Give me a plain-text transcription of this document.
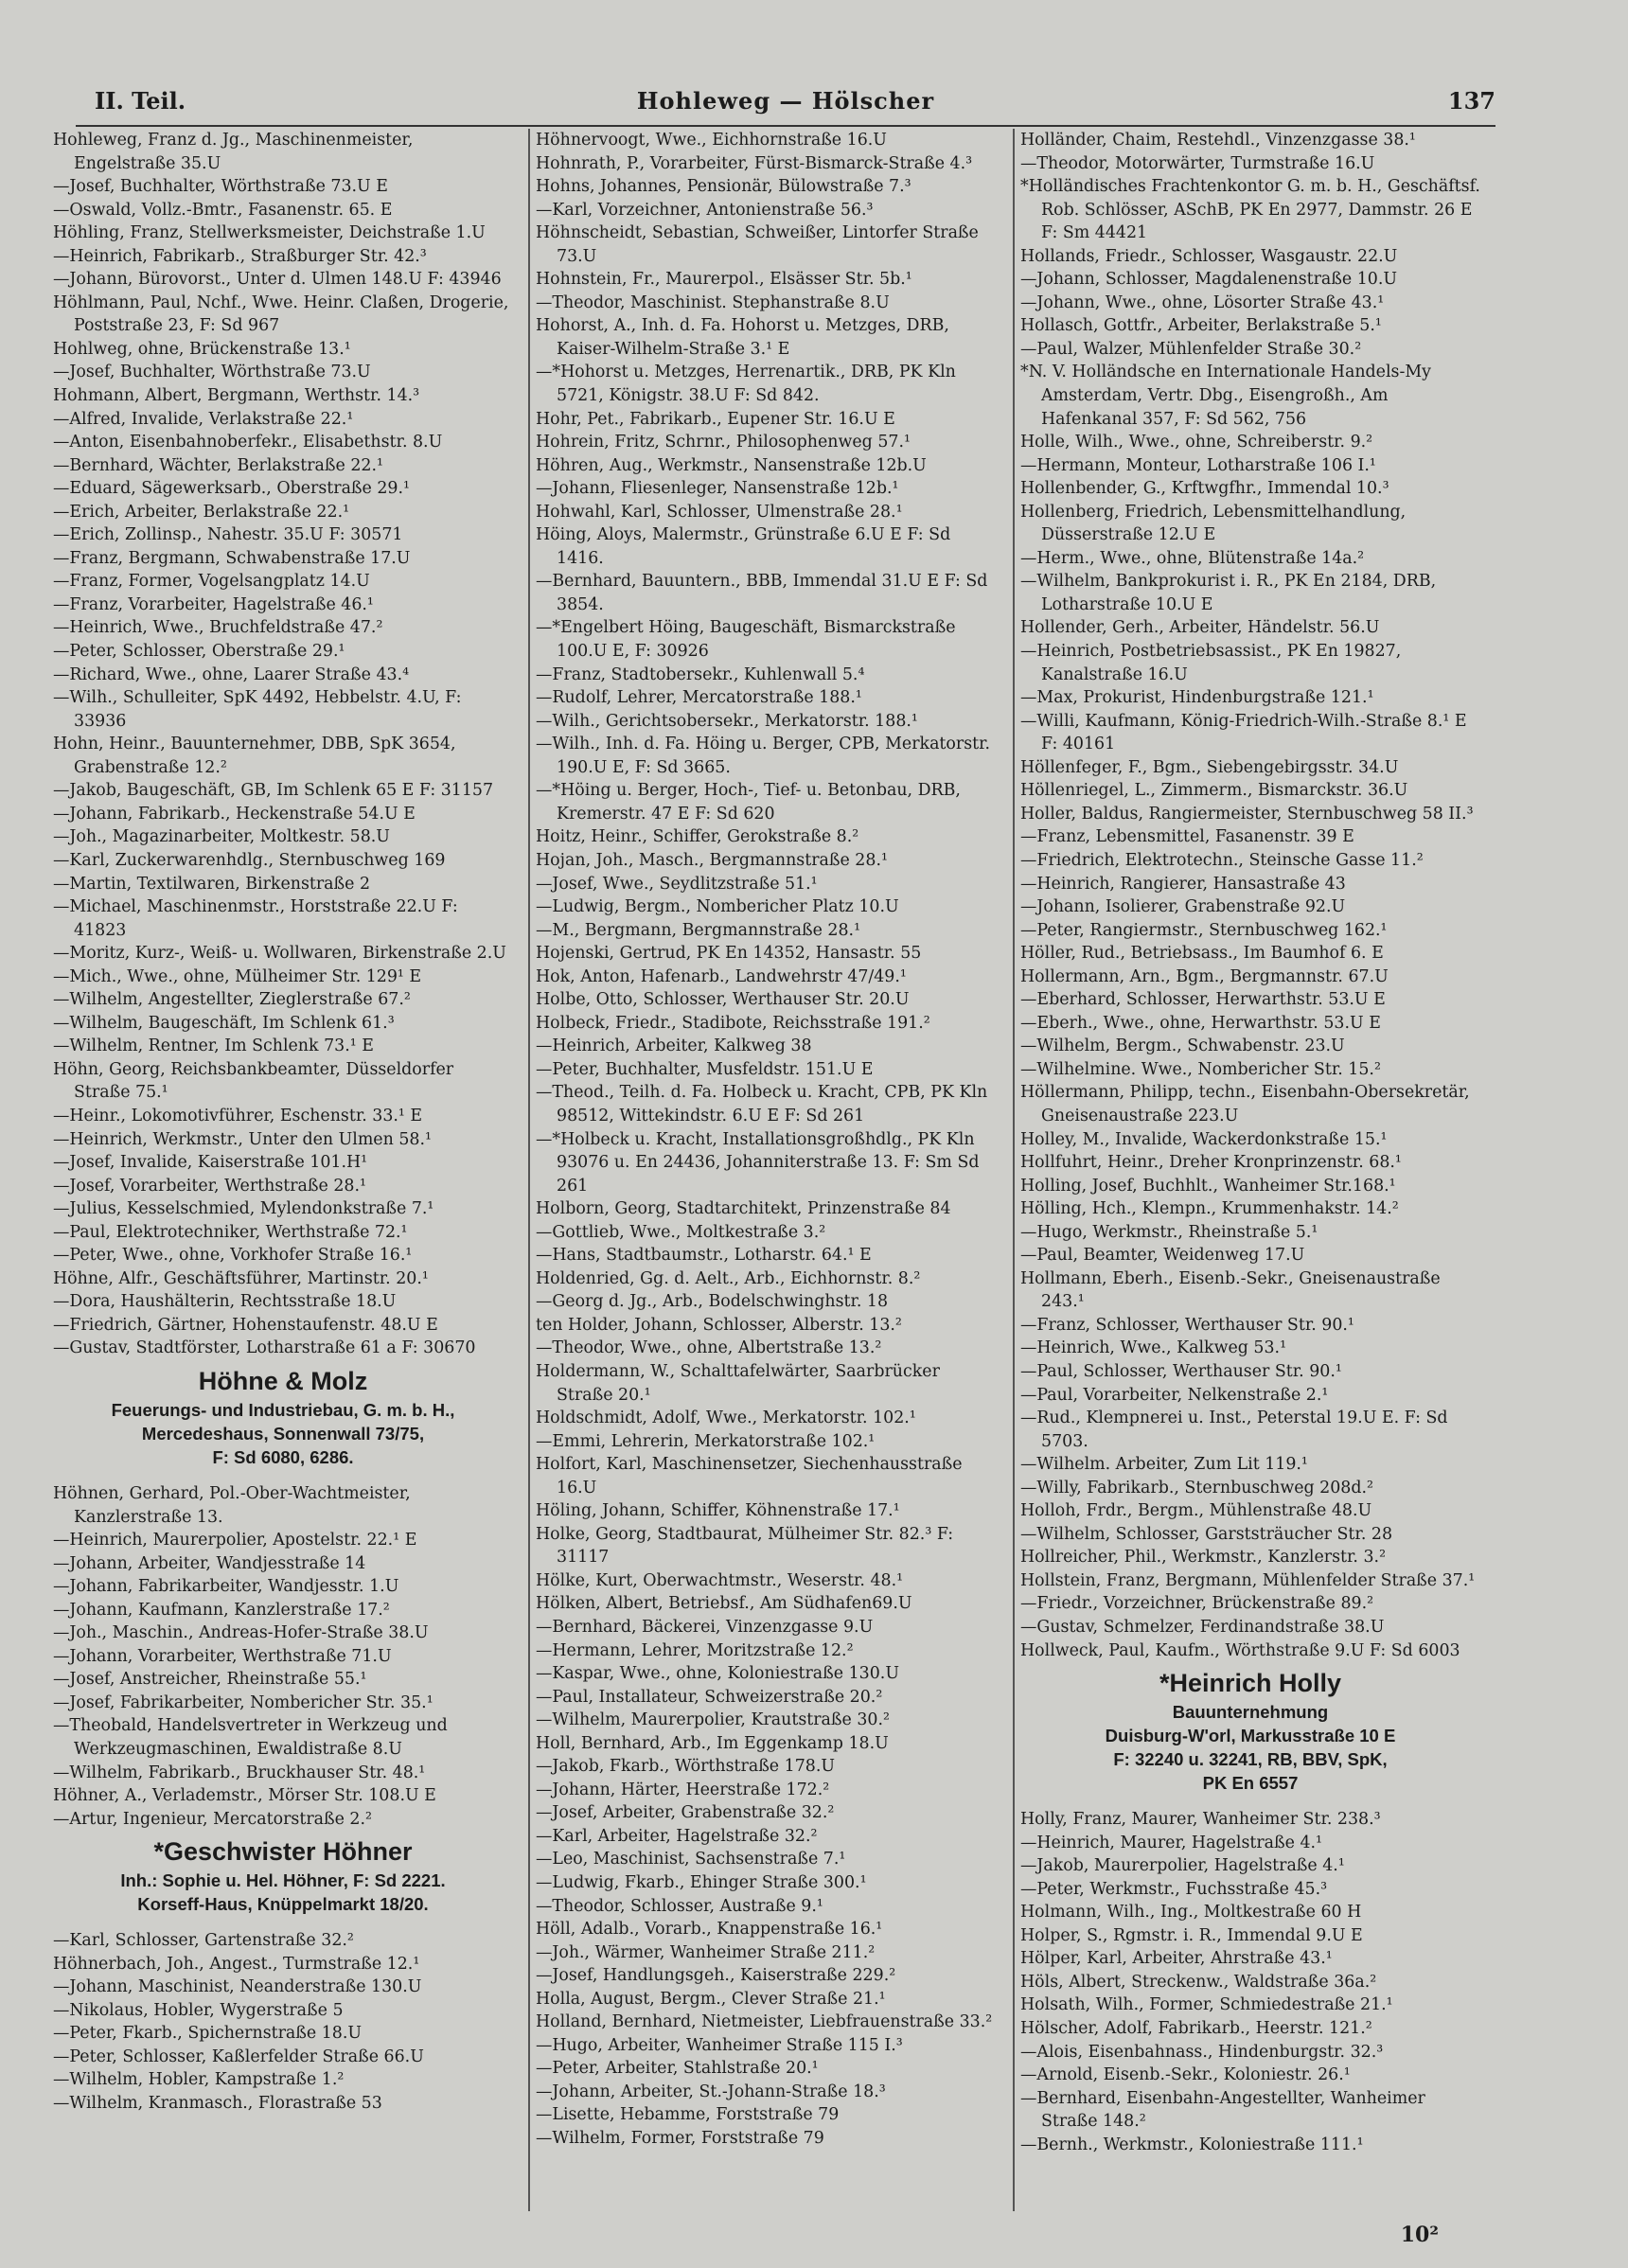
II. Teil.	Hohleweg — Hölscher	137
Hohleweg, Franz d. Jg., Maschinenmeister, Engelstraße 35.U
—Josef, Buchhalter, Wörthstraße 73.U E
—Oswald, Vollz.-Bmtr., Fasanenstr. 65. E
Höhling, Franz, Stellwerksmeister, Deichstraße 1.U
—Heinrich, Fabrikarb., Straßburger Str. 42.³
—Johann, Bürovorst., Unter d. Ulmen 148.U F: 43946
Höhlmann, Paul, Nchf., Wwe. Heinr. Claßen, Drogerie, Poststraße 23, F: Sd 967
Hohlweg, ohne, Brückenstraße 13.¹
—Josef, Buchhalter, Wörthstraße 73.U
Hohmann, Albert, Bergmann, Werthstr. 14.³
—Alfred, Invalide, Verlakstraße 22.¹
—Anton, Eisenbahnoberfekr., Elisabethstr. 8.U
—Bernhard, Wächter, Berlakstraße 22.¹
—Eduard, Sägewerksarb., Oberstraße 29.¹
—Erich, Arbeiter, Berlakstraße 22.¹
—Erich, Zollinsp., Nahestr. 35.U F: 30571
—Franz, Bergmann, Schwabenstraße 17.U
—Franz, Former, Vogelsangplatz 14.U
—Franz, Vorarbeiter, Hagelstraße 46.¹
—Heinrich, Wwe., Bruchfeldstraße 47.²
—Peter, Schlosser, Oberstraße 29.¹
—Richard, Wwe., ohne, Laarer Straße 43.⁴
—Wilh., Schulleiter, SpK 4492, Hebbelstr. 4.U, F: 33936
Hohn, Heinr., Bauunternehmer, DBB, SpK 3654, Grabenstraße 12.²
—Jakob, Baugeschäft, GB, Im Schlenk 65 E F: 31157
—Johann, Fabrikarb., Heckenstraße 54.U E
—Joh., Magazinarbeiter, Moltkestr. 58.U
—Karl, Zuckerwarenhdlg., Sternbuschweg 169
—Martin, Textilwaren, Birkenstraße 2
—Michael, Maschinenmstr., Horststraße 22.U F: 41823
—Moritz, Kurz-, Weiß- u. Wollwaren, Birkenstraße 2.U
—Mich., Wwe., ohne, Mülheimer Str. 129¹ E
—Wilhelm, Angestellter, Zieglerstraße 67.²
—Wilhelm, Baugeschäft, Im Schlenk 61.³
—Wilhelm, Rentner, Im Schlenk 73.¹ E
Höhn, Georg, Reichsbankbeamter, Düsseldorfer Straße 75.¹
—Heinr., Lokomotivführer, Eschenstr. 33.¹ E
—Heinrich, Werkmstr., Unter den Ulmen 58.¹
—Josef, Invalide, Kaiserstraße 101.H¹
—Josef, Vorarbeiter, Werthstraße 28.¹
—Julius, Kesselschmied, Mylendonkstraße 7.¹
—Paul, Elektrotechniker, Werthstraße 72.¹
—Peter, Wwe., ohne, Vorkhofer Straße 16.¹
Höhne, Alfr., Geschäftsführer, Martinstr. 20.¹
—Dora, Haushälterin, Rechtsstraße 18.U
—Friedrich, Gärtner, Hohenstaufenstr. 48.U E
—Gustav, Stadtförster, Lotharstraße 61 a F: 30670
Höhne & Molz
Feuerungs- und Industriebau, G. m. b. H.,
Mercedeshaus, Sonnenwall 73/75,
F: Sd 6080, 6286.
Höhnen, Gerhard, Pol.-Ober-Wachtmeister, Kanzlerstraße 13.
—Heinrich, Maurerpolier, Apostelstr. 22.¹ E
—Johann, Arbeiter, Wandjesstraße 14
—Johann, Fabrikarbeiter, Wandjesstr. 1.U
—Johann, Kaufmann, Kanzlerstraße 17.²
—Joh., Maschin., Andreas-Hofer-Straße 38.U
—Johann, Vorarbeiter, Werthstraße 71.U
—Josef, Anstreicher, Rheinstraße 55.¹
—Josef, Fabrikarbeiter, Nombericher Str. 35.¹
—Theobald, Handelsvertreter in Werkzeug und Werkzeugmaschinen, Ewaldistraße 8.U
—Wilhelm, Fabrikarb., Bruckhauser Str. 48.¹
Höhner, A., Verlademstr., Mörser Str. 108.U E
—Artur, Ingenieur, Mercatorstraße 2.²
*Geschwister Höhner
Inh.: Sophie u. Hel. Höhner, F: Sd 2221.
Korseff-Haus, Knüppelmarkt 18/20.
—Karl, Schlosser, Gartenstraße 32.²
Höhnerbach, Joh., Angest., Turmstraße 12.¹
—Johann, Maschinist, Neanderstraße 130.U
—Nikolaus, Hobler, Wygerstraße 5
—Peter, Fkarb., Spichernstraße 18.U
—Peter, Schlosser, Kaßlerfelder Straße 66.U
—Wilhelm, Hobler, Kampstraße 1.²
—Wilhelm, Kranmasch., Florastraße 53
Höhnervoogt, Wwe., Eichhornstraße 16.U
Hohnrath, P., Vorarbeiter, Fürst-Bismarck-Straße 4.³
Hohns, Johannes, Pensionär, Bülowstraße 7.³
—Karl, Vorzeichner, Antonienstraße 56.³
Höhnscheidt, Sebastian, Schweißer, Lintorfer Straße 73.U
Hohnstein, Fr., Maurerpol., Elsässer Str. 5b.¹
—Theodor, Maschinist. Stephanstraße 8.U
Hohorst, A., Inh. d. Fa. Hohorst u. Metzges, DRB, Kaiser-Wilhelm-Straße 3.¹ E
—*Hohorst u. Metzges, Herrenartik., DRB, PK Kln 5721, Königstr. 38.U F: Sd 842.
Hohr, Pet., Fabrikarb., Eupener Str. 16.U E
Hohrein, Fritz, Schrnr., Philosophenweg 57.¹
Höhren, Aug., Werkmstr., Nansenstraße 12b.U
—Johann, Fliesenleger, Nansenstraße 12b.¹
Hohwahl, Karl, Schlosser, Ulmenstraße 28.¹
Höing, Aloys, Malermstr., Grünstraße 6.U E F: Sd 1416.
—Bernhard, Bauuntern., BBB, Immendal 31.U E F: Sd 3854.
—*Engelbert Höing, Baugeschäft, Bismarckstraße 100.U E, F: 30926
—Franz, Stadtobersekr., Kuhlenwall 5.⁴
—Rudolf, Lehrer, Mercatorstraße 188.¹
—Wilh., Gerichtsobersekr., Merkatorstr. 188.¹
—Wilh., Inh. d. Fa. Höing u. Berger, CPB, Merkatorstr. 190.U E, F: Sd 3665.
—*Höing u. Berger, Hoch-, Tief- u. Betonbau, DRB, Kremerstr. 47 E F: Sd 620
Hoitz, Heinr., Schiffer, Gerokstraße 8.²
Hojan, Joh., Masch., Bergmannstraße 28.¹
—Josef, Wwe., Seydlitzstraße 51.¹
—Ludwig, Bergm., Nombericher Platz 10.U
—M., Bergmann, Bergmannstraße 28.¹
Hojenski, Gertrud, PK En 14352, Hansastr. 55
Hok, Anton, Hafenarb., Landwehrstr 47/49.¹
Holbe, Otto, Schlosser, Werthauser Str. 20.U
Holbeck, Friedr., Stadibote, Reichsstraße 191.²
—Heinrich, Arbeiter, Kalkweg 38
—Peter, Buchhalter, Musfeldstr. 151.U E
—Theod., Teilh. d. Fa. Holbeck u. Kracht, CPB, PK Kln 98512, Wittekindstr. 6.U E F: Sd 261
—*Holbeck u. Kracht, Installationsgroßhdlg., PK Kln 93076 u. En 24436, Johanniterstraße 13. F: Sm Sd 261
Holborn, Georg, Stadtarchitekt, Prinzenstraße 84
—Gottlieb, Wwe., Moltkestraße 3.²
—Hans, Stadtbaumstr., Lotharstr. 64.¹ E
Holdenried, Gg. d. Aelt., Arb., Eichhornstr. 8.²
—Georg d. Jg., Arb., Bodelschwinghstr. 18
ten Holder, Johann, Schlosser, Alberstr. 13.²
—Theodor, Wwe., ohne, Albertstraße 13.²
Holdermann, W., Schalttafelwärter, Saarbrücker Straße 20.¹
Holdschmidt, Adolf, Wwe., Merkatorstr. 102.¹
—Emmi, Lehrerin, Merkatorstraße 102.¹
Holfort, Karl, Maschinensetzer, Siechenhausstraße 16.U
Höling, Johann, Schiffer, Köhnenstraße 17.¹
Holke, Georg, Stadtbaurat, Mülheimer Str. 82.³ F: 31117
Hölke, Kurt, Oberwachtmstr., Weserstr. 48.¹
Hölken, Albert, Betriebsf., Am Südhafen69.U
—Bernhard, Bäckerei, Vinzenzgasse 9.U
—Hermann, Lehrer, Moritzstraße 12.²
—Kaspar, Wwe., ohne, Koloniestraße 130.U
—Paul, Installateur, Schweizerstraße 20.²
—Wilhelm, Maurerpolier, Krautstraße 30.²
Holl, Bernhard, Arb., Im Eggenkamp 18.U
—Jakob, Fkarb., Wörthstraße 178.U
—Johann, Härter, Heerstraße 172.²
—Josef, Arbeiter, Grabenstraße 32.²
—Karl, Arbeiter, Hagelstraße 32.²
—Leo, Maschinist, Sachsenstraße 7.¹
—Ludwig, Fkarb., Ehinger Straße 300.¹
—Theodor, Schlosser, Austraße 9.¹
Höll, Adalb., Vorarb., Knappenstraße 16.¹
—Joh., Wärmer, Wanheimer Straße 211.²
—Josef, Handlungsgeh., Kaiserstraße 229.²
Holla, August, Bergm., Clever Straße 21.¹
Holland, Bernhard, Nietmeister, Liebfrauenstraße 33.²
—Hugo, Arbeiter, Wanheimer Straße 115 I.³
—Peter, Arbeiter, Stahlstraße 20.¹
—Johann, Arbeiter, St.-Johann-Straße 18.³
—Lisette, Hebamme, Forststraße 79
—Wilhelm, Former, Forststraße 79
Holländer, Chaim, Restehdl., Vinzenzgasse 38.¹
—Theodor, Motorwärter, Turmstraße 16.U
*Holländisches Frachtenkontor G. m. b. H., Geschäftsf. Rob. Schlösser, ASchB, PK En 2977, Dammstr. 26 E F: Sm 44421
Hollands, Friedr., Schlosser, Wasgaustr. 22.U
—Johann, Schlosser, Magdalenenstraße 10.U
—Johann, Wwe., ohne, Lösorter Straße 43.¹
Hollasch, Gottfr., Arbeiter, Berlakstraße 5.¹
—Paul, Walzer, Mühlenfelder Straße 30.²
*N. V. Holländsche en Internationale Handels-My Amsterdam, Vertr. Dbg., Eisengroßh., Am Hafenkanal 357, F: Sd 562, 756
Holle, Wilh., Wwe., ohne, Schreiberstr. 9.²
—Hermann, Monteur, Lotharstraße 106 I.¹
Hollenbender, G., Krftwgfhr., Immendal 10.³
Hollenberg, Friedrich, Lebensmittelhandlung, Düsserstraße 12.U E
—Herm., Wwe., ohne, Blütenstraße 14a.²
—Wilhelm, Bankprokurist i. R., PK En 2184, DRB, Lotharstraße 10.U E
Hollender, Gerh., Arbeiter, Händelstr. 56.U
—Heinrich, Postbetriebsassist., PK En 19827, Kanalstraße 16.U
—Max, Prokurist, Hindenburgstraße 121.¹
—Willi, Kaufmann, König-Friedrich-Wilh.-Straße 8.¹ E F: 40161
Höllenfeger, F., Bgm., Siebengebirgsstr. 34.U
Höllenriegel, L., Zimmerm., Bismarckstr. 36.U
Holler, Baldus, Rangiermeister, Sternbuschweg 58 II.³
—Franz, Lebensmittel, Fasanenstr. 39 E
—Friedrich, Elektrotechn., Steinsche Gasse 11.²
—Heinrich, Rangierer, Hansastraße 43
—Johann, Isolierer, Grabenstraße 92.U
—Peter, Rangiermstr., Sternbuschweg 162.¹
Höller, Rud., Betriebsass., Im Baumhof 6. E
Hollermann, Arn., Bgm., Bergmannstr. 67.U
—Eberhard, Schlosser, Herwarthstr. 53.U E
—Eberh., Wwe., ohne, Herwarthstr. 53.U E
—Wilhelm, Bergm., Schwabenstr. 23.U
—Wilhelmine. Wwe., Nombericher Str. 15.²
Höllermann, Philipp, techn., Eisenbahn-Obersekretär, Gneisenaustraße 223.U
Holley, M., Invalide, Wackerdonkstraße 15.¹
Hollfuhrt, Heinr., Dreher Kronprinzenstr. 68.¹
Holling, Josef, Buchhlt., Wanheimer Str.168.¹
Hölling, Hch., Klempn., Krummenhakstr. 14.²
—Hugo, Werkmstr., Rheinstraße 5.¹
—Paul, Beamter, Weidenweg 17.U
Hollmann, Eberh., Eisenb.-Sekr., Gneisenaustraße 243.¹
—Franz, Schlosser, Werthauser Str. 90.¹
—Heinrich, Wwe., Kalkweg 53.¹
—Paul, Schlosser, Werthauser Str. 90.¹
—Paul, Vorarbeiter, Nelkenstraße 2.¹
—Rud., Klempnerei u. Inst., Peterstal 19.U E. F: Sd 5703.
—Wilhelm. Arbeiter, Zum Lit 119.¹
—Willy, Fabrikarb., Sternbuschweg 208d.²
Holloh, Frdr., Bergm., Mühlenstraße 48.U
—Wilhelm, Schlosser, Garststräucher Str. 28
Hollreicher, Phil., Werkmstr., Kanzlerstr. 3.²
Hollstein, Franz, Bergmann, Mühlenfelder Straße 37.¹
—Friedr., Vorzeichner, Brückenstraße 89.²
—Gustav, Schmelzer, Ferdinandstraße 38.U
Hollweck, Paul, Kaufm., Wörthstraße 9.U F: Sd 6003
*Heinrich Holly
Bauunternehmung
Duisburg-W'orl, Markusstraße 10 E
F: 32240 u. 32241, RB, BBV, SpK,
PK En 6557
Holly, Franz, Maurer, Wanheimer Str. 238.³
—Heinrich, Maurer, Hagelstraße 4.¹
—Jakob, Maurerpolier, Hagelstraße 4.¹
—Peter, Werkmstr., Fuchsstraße 45.³
Holmann, Wilh., Ing., Moltkestraße 60 H
Holper, S., Rgmstr. i. R., Immendal 9.U E
Hölper, Karl, Arbeiter, Ahrstraße 43.¹
Höls, Albert, Streckenw., Waldstraße 36a.²
Holsath, Wilh., Former, Schmiedestraße 21.¹
Hölscher, Adolf, Fabrikarb., Heerstr. 121.²
—Alois, Eisenbahnass., Hindenburgstr. 32.³
—Arnold, Eisenb.-Sekr., Koloniestr. 26.¹
—Bernhard, Eisenbahn-Angestellter, Wanheimer Straße 148.²
—Bernh., Werkmstr., Koloniestraße 111.¹
10²
